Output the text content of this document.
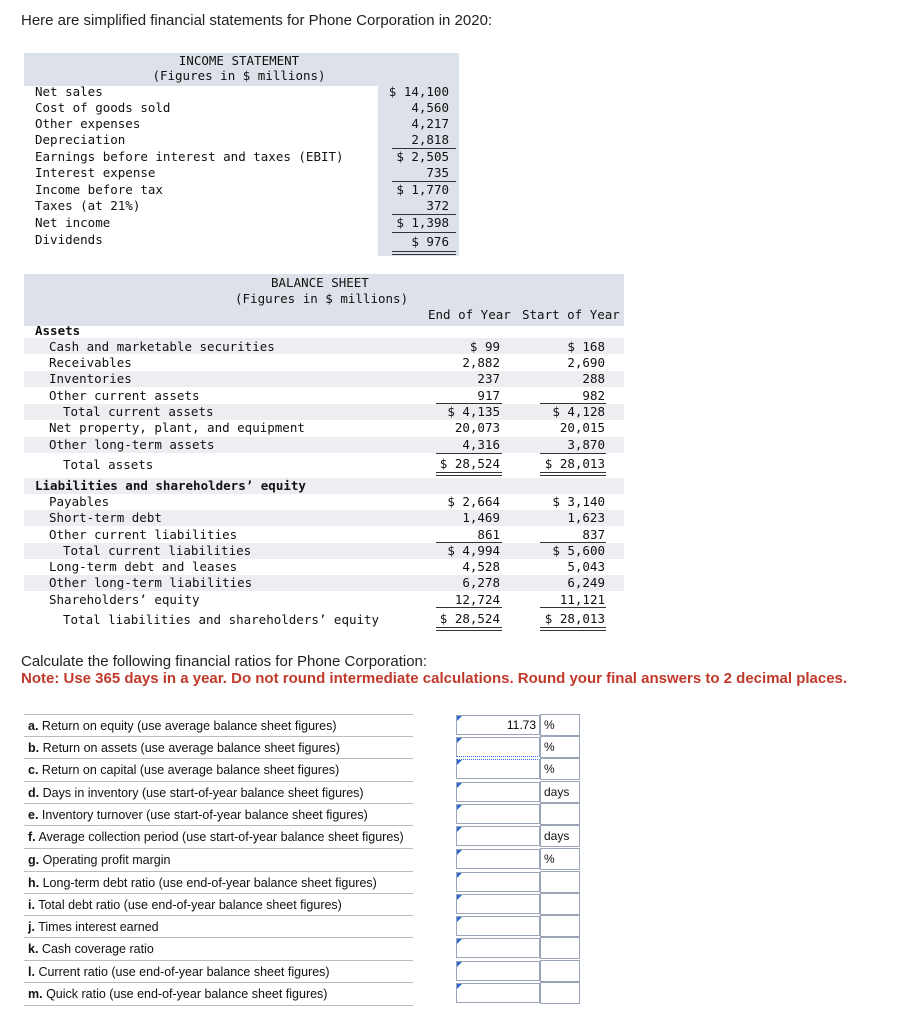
Here are simplified financial statements for Phone Corporation in 2020:
INCOME STATEMENT
(Figures in $ millions)
Net sales	$ 14,100
Cost of goods sold	4,560
Other expenses	4,217
Depreciation	2,818
Earnings before interest and taxes (EBIT)	$ 2,505
Interest expense	735
Income before tax	$ 1,770
Taxes (at 21%)	372
Net income	$ 1,398
Dividends	$ 976
BALANCE SHEET
(Figures in $ millions)
End of Year Start of Year
Assets
Cash and marketable securities	$ 99	$ 168
Receivables	2,882	2,690
Inventories	237	288
Other current assets	917	982
Total current assets	$ 4,135	$ 4,128
Net property, plant, and equipment	20,073	20,015
Other long-term assets	4,316	3,870
Total assets	$ 28,524	$ 28,013
Liabilities and shareholders’ equity
Payables	$ 2,664	$ 3,140
Short-term debt	1,469	1,623
Other current liabilities	861	837
Total current liabilities	$ 4,994	$ 5,600
Long-term debt and leases	4,528	5,043
Other long-term liabilities	6,278	6,249
Shareholders’ equity	12,724	11,121
Total liabilities and shareholders’ equity	$ 28,524	$ 28,013
Calculate the following financial ratios for Phone Corporation:
Note: Use 365 days in a year. Do not round intermediate calculations. Round your final answers to 2 decimal places.
a. Return on equity (use average balance sheet figures)	11.73 %
b. Return on assets (use average balance sheet figures)	%
c. Return on capital (use average balance sheet figures)	%
d. Days in inventory (use start-of-year balance sheet figures)	days
e. Inventory turnover (use start-of-year balance sheet figures)
f. Average collection period (use start-of-year balance sheet figures)	days
g. Operating profit margin	%
h. Long-term debt ratio (use end-of-year balance sheet figures)
i. Total debt ratio (use end-of-year balance sheet figures)
j. Times interest earned
k. Cash coverage ratio
l. Current ratio (use end-of-year balance sheet figures)
m. Quick ratio (use end-of-year balance sheet figures)
